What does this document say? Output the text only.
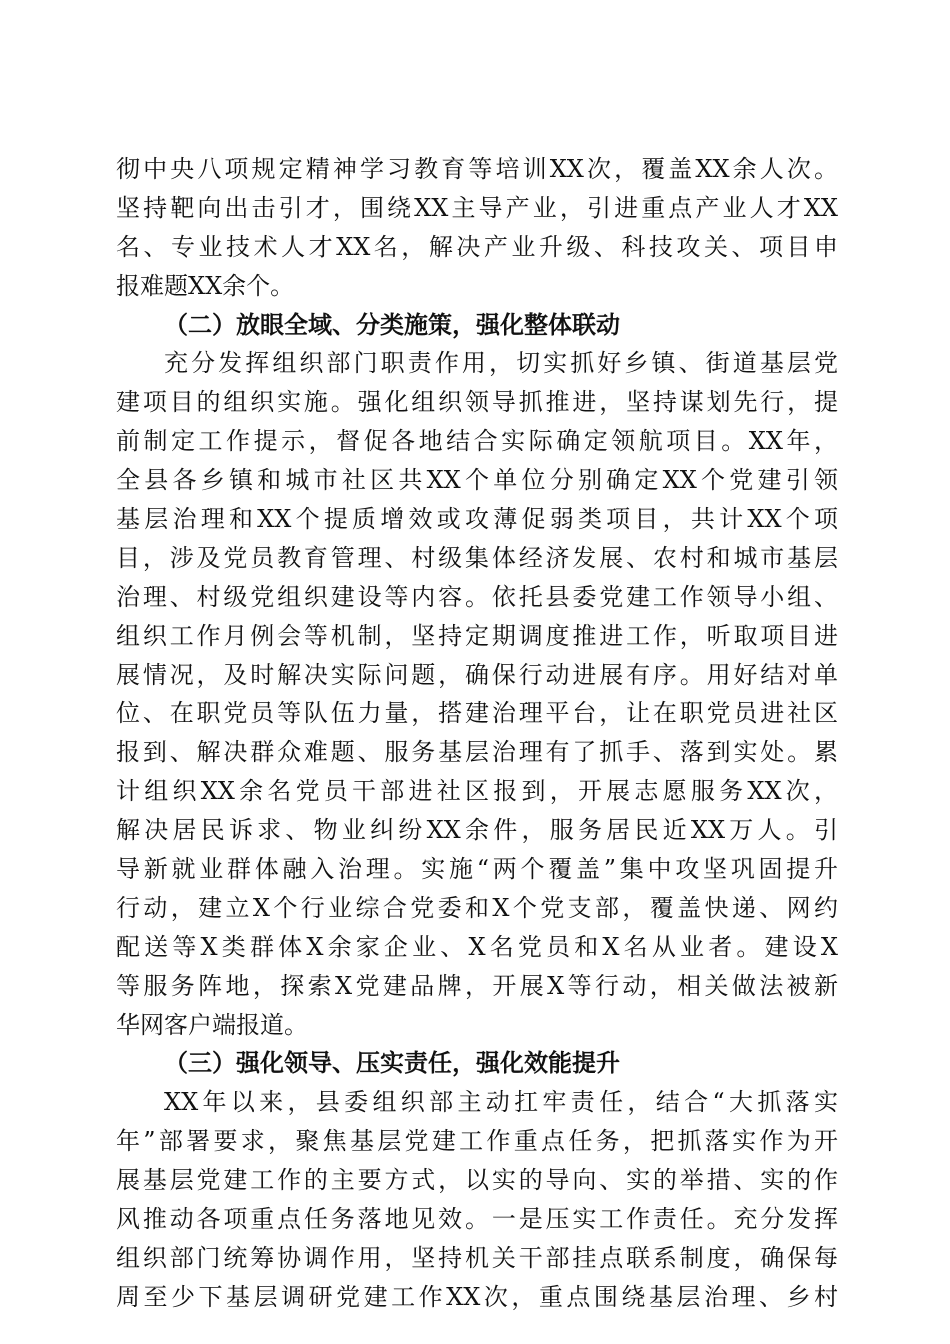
彻中央八项规定精神学习教育等培训XX次，覆盖XX余人次。
坚持靶向出击引才，围绕XX主导产业，引进重点产业人才XX
名、专业技术人才XX名，解决产业升级、科技攻关、项目申
报难题XX余个。
（二）放眼全域、分类施策，强化整体联动
充分发挥组织部门职责作用，切实抓好乡镇、街道基层党
建项目的组织实施。强化组织领导抓推进，坚持谋划先行，提
前制定工作提示，督促各地结合实际确定领航项目。XX年，
全县各乡镇和城市社区共XX个单位分别确定XX个党建引领
基层治理和XX个提质增效或攻薄促弱类项目，共计XX个项
目，涉及党员教育管理、村级集体经济发展、农村和城市基层
治理、村级党组织建设等内容。依托县委党建工作领导小组、
组织工作月例会等机制，坚持定期调度推进工作，听取项目进
展情况，及时解决实际问题，确保行动进展有序。用好结对单
位、在职党员等队伍力量，搭建治理平台，让在职党员进社区
报到、解决群众难题、服务基层治理有了抓手、落到实处。累
计组织XX余名党员干部进社区报到，开展志愿服务XX次，
解决居民诉求、物业纠纷XX余件，服务居民近XX万人。引
导新就业群体融入治理。实施“两个覆盖”集中攻坚巩固提升
行动，建立X个行业综合党委和X个党支部，覆盖快递、网约
配送等X类群体X余家企业、X名党员和X名从业者。建设X
等服务阵地，探索X党建品牌，开展X等行动，相关做法被新
华网客户端报道。
（三）强化领导、压实责任，强化效能提升
XX年以来，县委组织部主动扛牢责任，结合“大抓落实
年”部署要求，聚焦基层党建工作重点任务，把抓落实作为开
展基层党建工作的主要方式，以实的导向、实的举措、实的作
风推动各项重点任务落地见效。一是压实工作责任。充分发挥
组织部门统筹协调作用，坚持机关干部挂点联系制度，确保每
周至少下基层调研党建工作XX次，重点围绕基层治理、乡村
